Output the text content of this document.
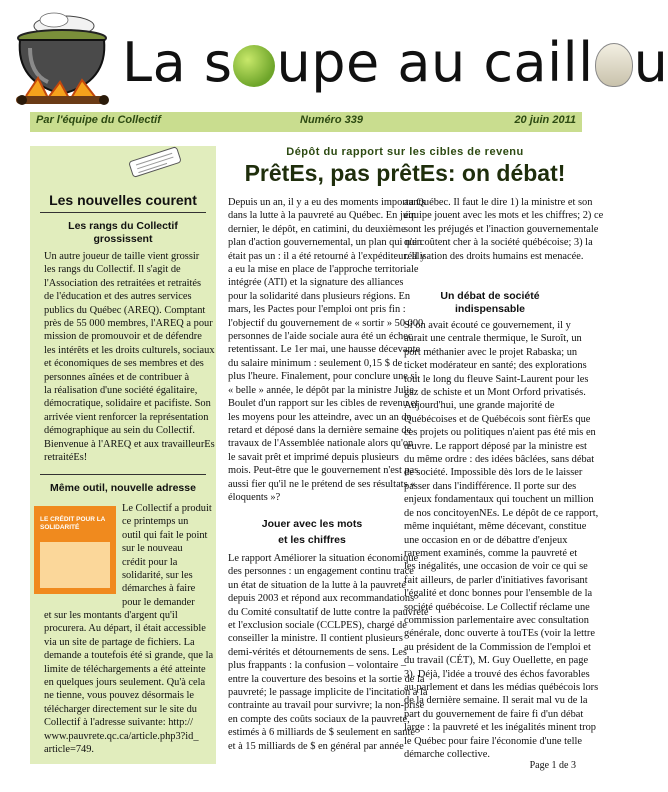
La s upe au caill u
Par l'équipe du Collectif	Numéro 339	20 juin 2011
Les nouvelles courent
Les rangs du Collectif
grossissent
Un autre joueur de taille vient grossir
les rangs du Collectif. Il s'agit de
l'Association des retraitées et retraités
de l'éducation et des autres services
publics du Québec (AREQ). Comptant
près de 55 000 membres, l'AREQ a pour
mission de promouvoir et de défendre
les intérêts et les droits culturels, sociaux
et économiques de ses membres et des
personnes aînées et de contribuer à
la réalisation d'une société égalitaire,
démocratique, solidaire et pacifiste. Son
arrivée vient renforcer la représentation
démographique au sein du Collectif.
Bienvenue à l'AREQ et aux travailleurEs
retraitéEs!
Même outil, nouvelle adresse
LE CRÉDIT POUR LA SOLIDARITÉ
Le Collectif a produit
ce printemps un
outil qui fait le point
sur le nouveau
crédit pour la
solidarité, sur les
démarches à faire
pour le demander
et sur les montants d'argent qu'il
procurera. Au départ, il était accessible
via un site de partage de fichiers. La
demande a toutefois été si grande, que la
limite de téléchargements a été atteinte
en quelques jours seulement. Qu'à cela
ne tienne, vous pouvez désormais le
télécharger directement sur le site du
Collectif à l'adresse suivante: http://
www.pauvrete.qc.ca/article.php3?id_
article=749.
Dépôt du rapport sur les cibles de revenu
PrêtEs, pas prêtEs: on débat!
Depuis un an, il y a eu des moments importants
dans la lutte à la pauvreté au Québec. En juin
dernier, le dépôt, en catimini, du deuxième
plan d'action gouvernemental, un plan qui n'en
était pas un : il a été retourné à l'expéditeur. Il y
a eu la mise en place de l'approche territoriale
intégrée (ATI) et la signature des alliances
pour la solidarité dans plusieurs régions. En
mars, les Pactes pour l'emploi ont pris fin :
l'objectif du gouvernement de « sortir » 50 000
personnes de l'aide sociale aura été un échec
retentissant. Le 1er mai, une hausse décevante
du salaire minimum : seulement 0,15 $ de
plus l'heure. Finalement, pour conclure une si
« belle » année, le dépôt par la ministre Julie
Boulet d'un rapport sur les cibles de revenu et
les moyens pour les atteindre, avec un an de
retard et déposé dans la dernière semaine de
travaux de l'Assemblée nationale alors qu'on
le savait prêt et imprimé depuis plusieurs
mois. Peut-être que le gouvernement n'est pas
aussi fier qu'il ne le prétend de ses résultats «
éloquents »?
Jouer avec les mots
et les chiffres
Le rapport Améliorer la situation économique
des personnes : un engagement continu trace
un état de situation de la lutte à la pauvreté
depuis 2003 et répond aux recommandations
du Comité consultatif de lutte contre la pauvreté
et l'exclusion sociale (CCLPES), chargé de
conseiller la ministre. Il contient plusieurs
demi-vérités et détournements de sens. Les
plus frappants : la confusion – volontaire –
entre la couverture des besoins et la sortie de la
pauvreté; le passage implicite de l'incitation à la
contrainte au travail pour survivre; la non-prise
en compte des coûts sociaux de la pauvreté,
estimés à 6 milliards de $ seulement en santé
et à 15 milliards de $ en général par année
au Québec. Il faut le dire 1) la ministre et son
équipe jouent avec les mots et les chiffres; 2) ce
sont les préjugés et l'inaction gouvernementale
qui coûtent cher à la société québécoise; 3) la
réalisation des droits humains est menacée.
Un débat de société
indispensable
Si on avait écouté ce gouvernement, il y
aurait une centrale thermique, le Suroît, un
port méthanier avec le projet Rabaska; un
ticket modérateur en santé; des explorations
tout le long du fleuve Saint-Laurent pour les
gaz de schiste et un Mont Orford privatisés.
Aujourd'hui, une grande majorité de
Québécoises et de Québécois sont fièrEs que
ces projets ou politiques n'aient pas été mis en
œuvre. Le rapport déposé par la ministre est
du même ordre : des idées bâclées, sans débat
de société. Impossible dès lors de le laisser
passer dans l'indifférence. Il porte sur des
enjeux fondamentaux qui touchent un million
de nos concitoyenNEs. Le dépôt de ce rapport,
même inquiétant, même décevant, constitue
une occasion en or de débattre d'enjeux
rarement examinés, comme la pauvreté et
les inégalités, une occasion de voir ce qui se
fait ailleurs, de parler d'initiatives favorisant
l'égalité et donc bonnes pour l'ensemble de la
société québécoise. Le Collectif réclame une
commission parlementaire avec consultation
générale, donc ouverte à touTEs (voir la lettre
au président de la Commission de l'emploi et
du travail (CÉT), M. Guy Ouellette, en page
3). Déjà, l'idée a trouvé des échos favorables
au parlement et dans les médias québécois lors
de la dernière semaine. Il serait mal vu de la
part du gouvernement de faire fi d'un débat
large : la pauvreté et les inégalités minent trop
le Québec pour faire l'économie d'une telle
démarche collective.
Page 1 de 3
